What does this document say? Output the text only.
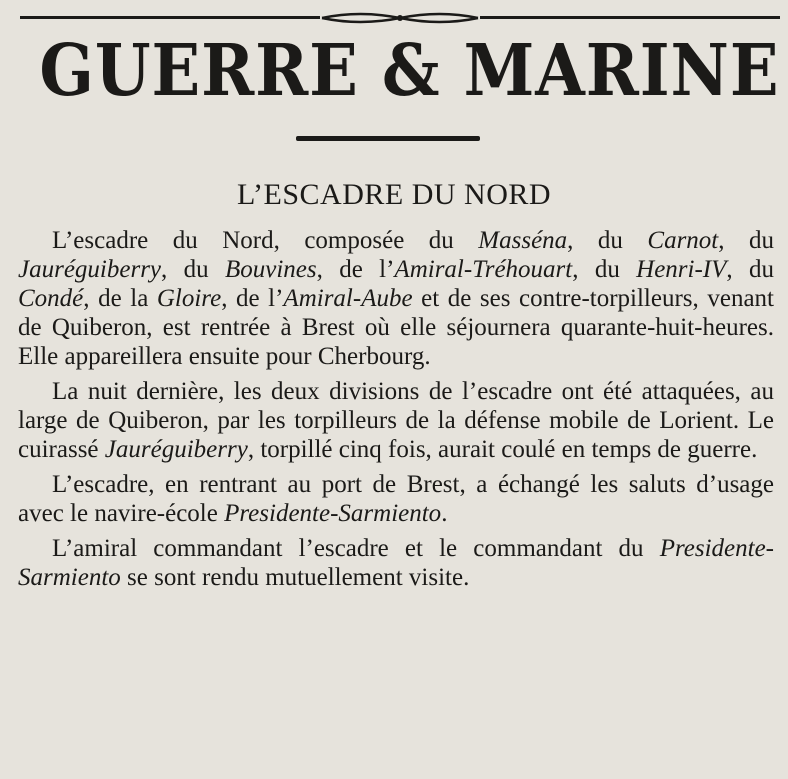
GUERRE & MARINE
L’ESCADRE DU NORD

L’escadre du Nord, composée du Masséna, du Carnot, du Jauréguiberry, du Bouvines, de l’Amiral-Tréhouart, du Henri-IV, du Condé, de la Gloire, de l’Amiral-Aube et de ses contre-torpilleurs, venant de Quiberon, est rentrée à Brest où elle séjournera quarante-huit-heures. Elle appareillera ensuite pour Cherbourg.

La nuit dernière, les deux divisions de l’escadre ont été attaquées, au large de Quiberon, par les torpilleurs de la défense mobile de Lorient. Le cuirassé Jauréguiberry, torpillé cinq fois, aurait coulé en temps de guerre.

L’escadre, en rentrant au port de Brest, a échangé les saluts d’usage avec le navire-école Presidente-Sarmiento.

L’amiral commandant l’escadre et le commandant du Presidente-Sarmiento se sont rendu mutuellement visite.
